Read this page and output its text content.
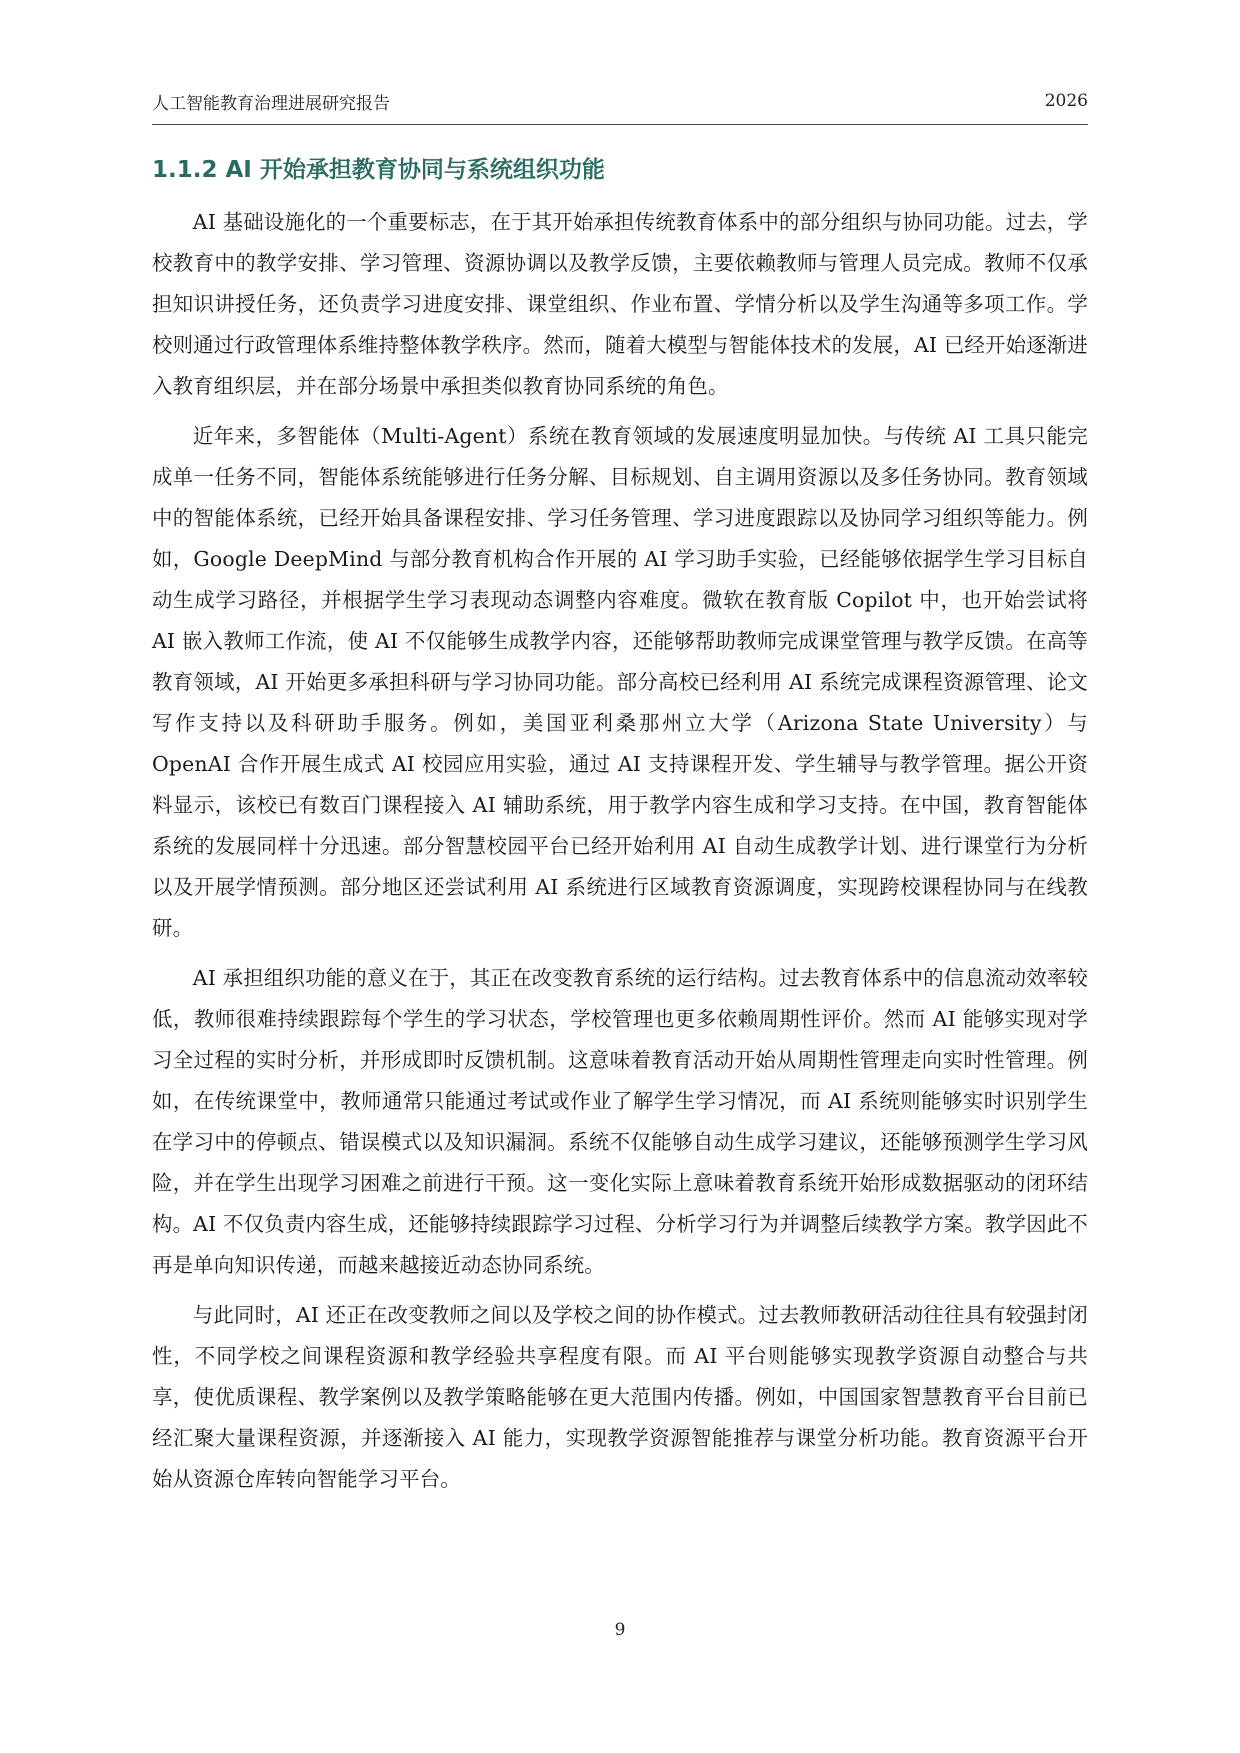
人工智能教育治理进展研究报告	2026
1.1.2 AI 开始承担教育协同与系统组织功能

AI 基础设施化的一个重要标志，在于其开始承担传统教育体系中的部分组织与协同功能。过去，学校教育中的教学安排、学习管理、资源协调以及教学反馈，主要依赖教师与管理人员完成。教师不仅承担知识讲授任务，还负责学习进度安排、课堂组织、作业布置、学情分析以及学生沟通等多项工作。学校则通过行政管理体系维持整体教学秩序。然而，随着大模型与智能体技术的发展，AI 已经开始逐渐进入教育组织层，并在部分场景中承担类似教育协同系统的角色。

近年来，多智能体（Multi-Agent）系统在教育领域的发展速度明显加快。与传统 AI 工具只能完成单一任务不同，智能体系统能够进行任务分解、目标规划、自主调用资源以及多任务协同。教育领域中的智能体系统，已经开始具备课程安排、学习任务管理、学习进度跟踪以及协同学习组织等能力。例如，Google DeepMind 与部分教育机构合作开展的 AI 学习助手实验，已经能够依据学生学习目标自动生成学习路径，并根据学生学习表现动态调整内容难度。微软在教育版 Copilot 中，也开始尝试将 AI 嵌入教师工作流，使 AI 不仅能够生成教学内容，还能够帮助教师完成课堂管理与教学反馈。在高等教育领域，AI 开始更多承担科研与学习协同功能。部分高校已经利用 AI 系统完成课程资源管理、论文写作支持以及科研助手服务。例如，美国亚利桑那州立大学（Arizona State University）与 OpenAI 合作开展生成式 AI 校园应用实验，通过 AI 支持课程开发、学生辅导与教学管理。据公开资料显示，该校已有数百门课程接入 AI 辅助系统，用于教学内容生成和学习支持。在中国，教育智能体系统的发展同样十分迅速。部分智慧校园平台已经开始利用 AI 自动生成教学计划、进行课堂行为分析以及开展学情预测。部分地区还尝试利用 AI 系统进行区域教育资源调度，实现跨校课程协同与在线教研。

AI 承担组织功能的意义在于，其正在改变教育系统的运行结构。过去教育体系中的信息流动效率较低，教师很难持续跟踪每个学生的学习状态，学校管理也更多依赖周期性评价。然而 AI 能够实现对学习全过程的实时分析，并形成即时反馈机制。这意味着教育活动开始从周期性管理走向实时性管理。例如，在传统课堂中，教师通常只能通过考试或作业了解学生学习情况，而 AI 系统则能够实时识别学生在学习中的停顿点、错误模式以及知识漏洞。系统不仅能够自动生成学习建议，还能够预测学生学习风险，并在学生出现学习困难之前进行干预。这一变化实际上意味着教育系统开始形成数据驱动的闭环结构。AI 不仅负责内容生成，还能够持续跟踪学习过程、分析学习行为并调整后续教学方案。教学因此不再是单向知识传递，而越来越接近动态协同系统。

与此同时，AI 还正在改变教师之间以及学校之间的协作模式。过去教师教研活动往往具有较强封闭性，不同学校之间课程资源和教学经验共享程度有限。而 AI 平台则能够实现教学资源自动整合与共享，使优质课程、教学案例以及教学策略能够在更大范围内传播。例如，中国国家智慧教育平台目前已经汇聚大量课程资源，并逐渐接入 AI 能力，实现教学资源智能推荐与课堂分析功能。教育资源平台开始从资源仓库转向智能学习平台。

9
